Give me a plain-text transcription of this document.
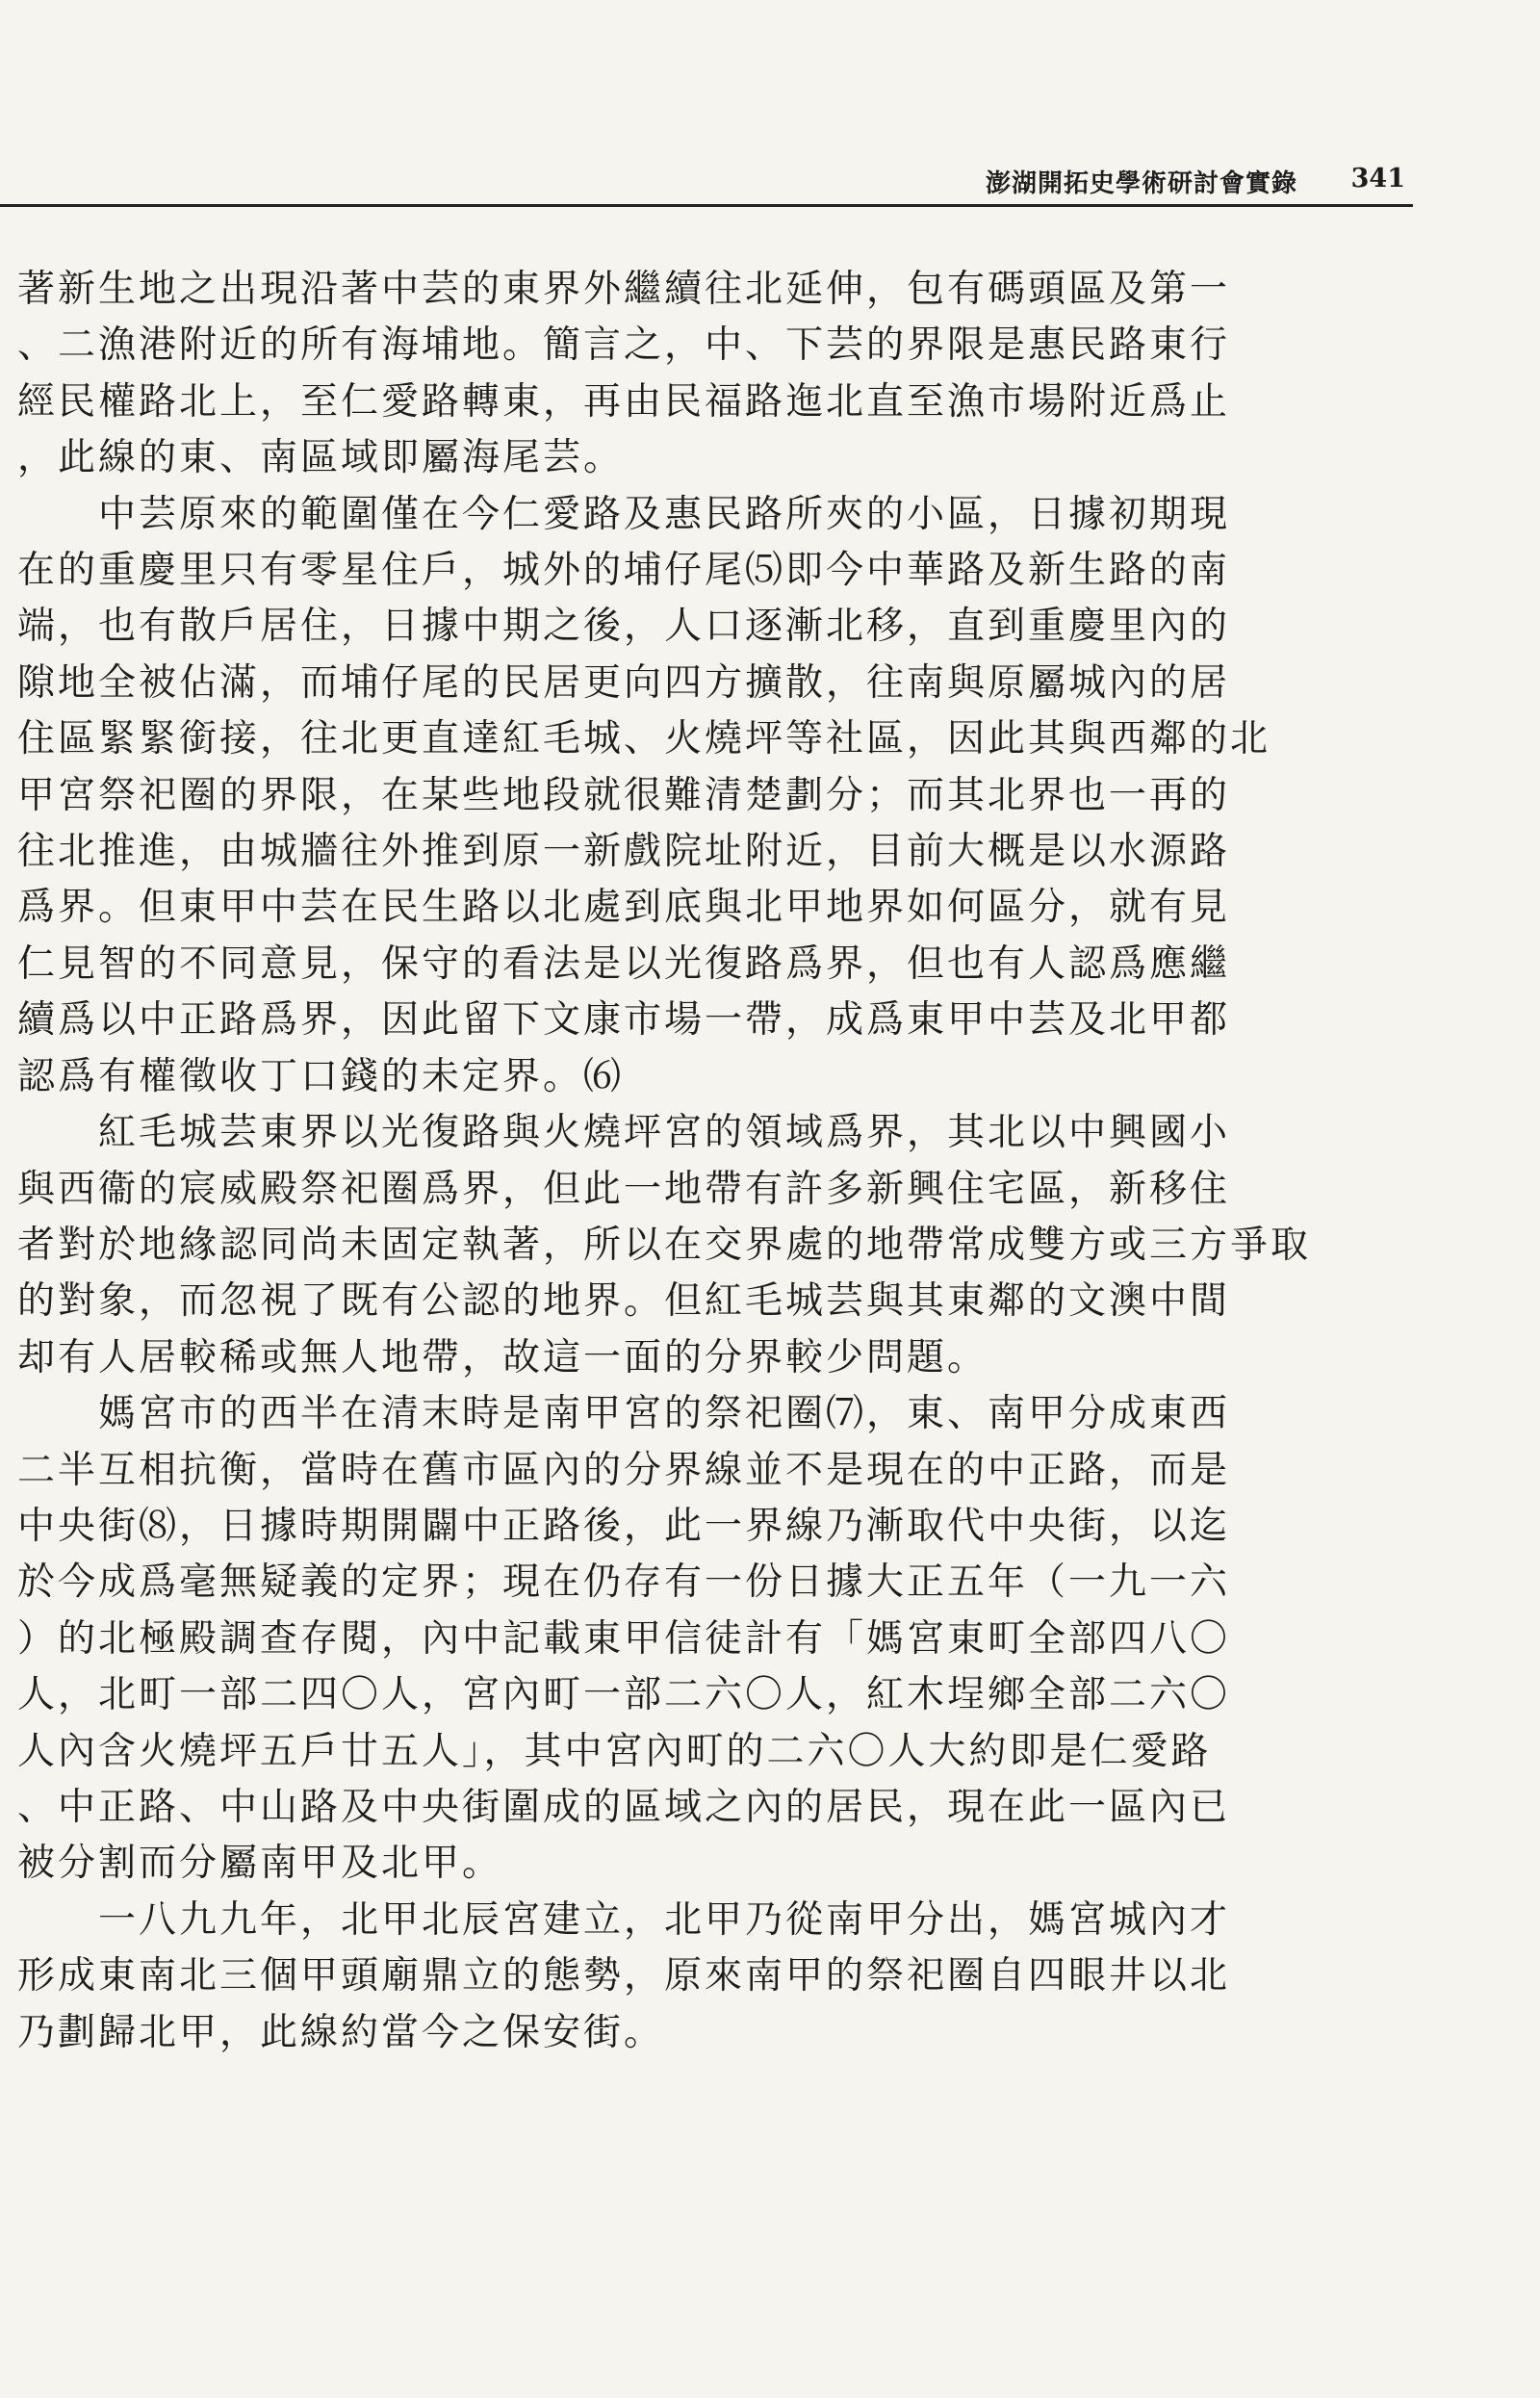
澎湖開拓史學術研討會實錄 341

著新生地之出現沿著中芸的東界外繼續往北延伸，包有碼頭區及第一
、二漁港附近的所有海埔地。簡言之，中、下芸的界限是惠民路東行
經民權路北上，至仁愛路轉東，再由民福路迤北直至漁市場附近爲止
，此線的東、南區域即屬海尾芸。

　　中芸原來的範圍僅在今仁愛路及惠民路所夾的小區，日據初期現
在的重慶里只有零星住戶，城外的埔仔尾⑸即今中華路及新生路的南
端，也有散戶居住，日據中期之後，人口逐漸北移，直到重慶里內的
隙地全被佔滿，而埔仔尾的民居更向四方擴散，往南與原屬城內的居
住區緊緊銜接，往北更直達紅毛城、火燒坪等社區，因此其與西鄰的北
甲宮祭祀圈的界限，在某些地段就很難清楚劃分；而其北界也一再的
往北推進，由城牆往外推到原一新戲院址附近，目前大概是以水源路
爲界。但東甲中芸在民生路以北處到底與北甲地界如何區分，就有見
仁見智的不同意見，保守的看法是以光復路爲界，但也有人認爲應繼
續爲以中正路爲界，因此留下文康市場一帶，成爲東甲中芸及北甲都
認爲有權徵收丁口錢的未定界。⑹

　　紅毛城芸東界以光復路與火燒坪宮的領域爲界，其北以中興國小
與西衞的宸威殿祭祀圈爲界，但此一地帶有許多新興住宅區，新移住
者對於地緣認同尚未固定執著，所以在交界處的地帶常成雙方或三方爭取
的對象，而忽視了既有公認的地界。但紅毛城芸與其東鄰的文澳中間
却有人居較稀或無人地帶，故這一面的分界較少問題。

　　媽宮市的西半在清末時是南甲宮的祭祀圈⑺，東、南甲分成東西
二半互相抗衡，當時在舊市區內的分界線並不是現在的中正路，而是
中央街⑻，日據時期開闢中正路後，此一界線乃漸取代中央街，以迄
於今成爲毫無疑義的定界；現在仍存有一份日據大正五年（一九一六
）的北極殿調查存閱，內中記載東甲信徒計有「媽宮東町全部四八〇
人，北町一部二四〇人，宮內町一部二六〇人，紅木埕鄉全部二六〇
人內含火燒坪五戶廿五人」，其中宮內町的二六〇人大約即是仁愛路
、中正路、中山路及中央街圍成的區域之內的居民，現在此一區內已
被分割而分屬南甲及北甲。

　　一八九九年，北甲北辰宮建立，北甲乃從南甲分出，媽宮城內才
形成東南北三個甲頭廟鼎立的態勢，原來南甲的祭祀圈自四眼井以北
乃劃歸北甲，此線約當今之保安街。
